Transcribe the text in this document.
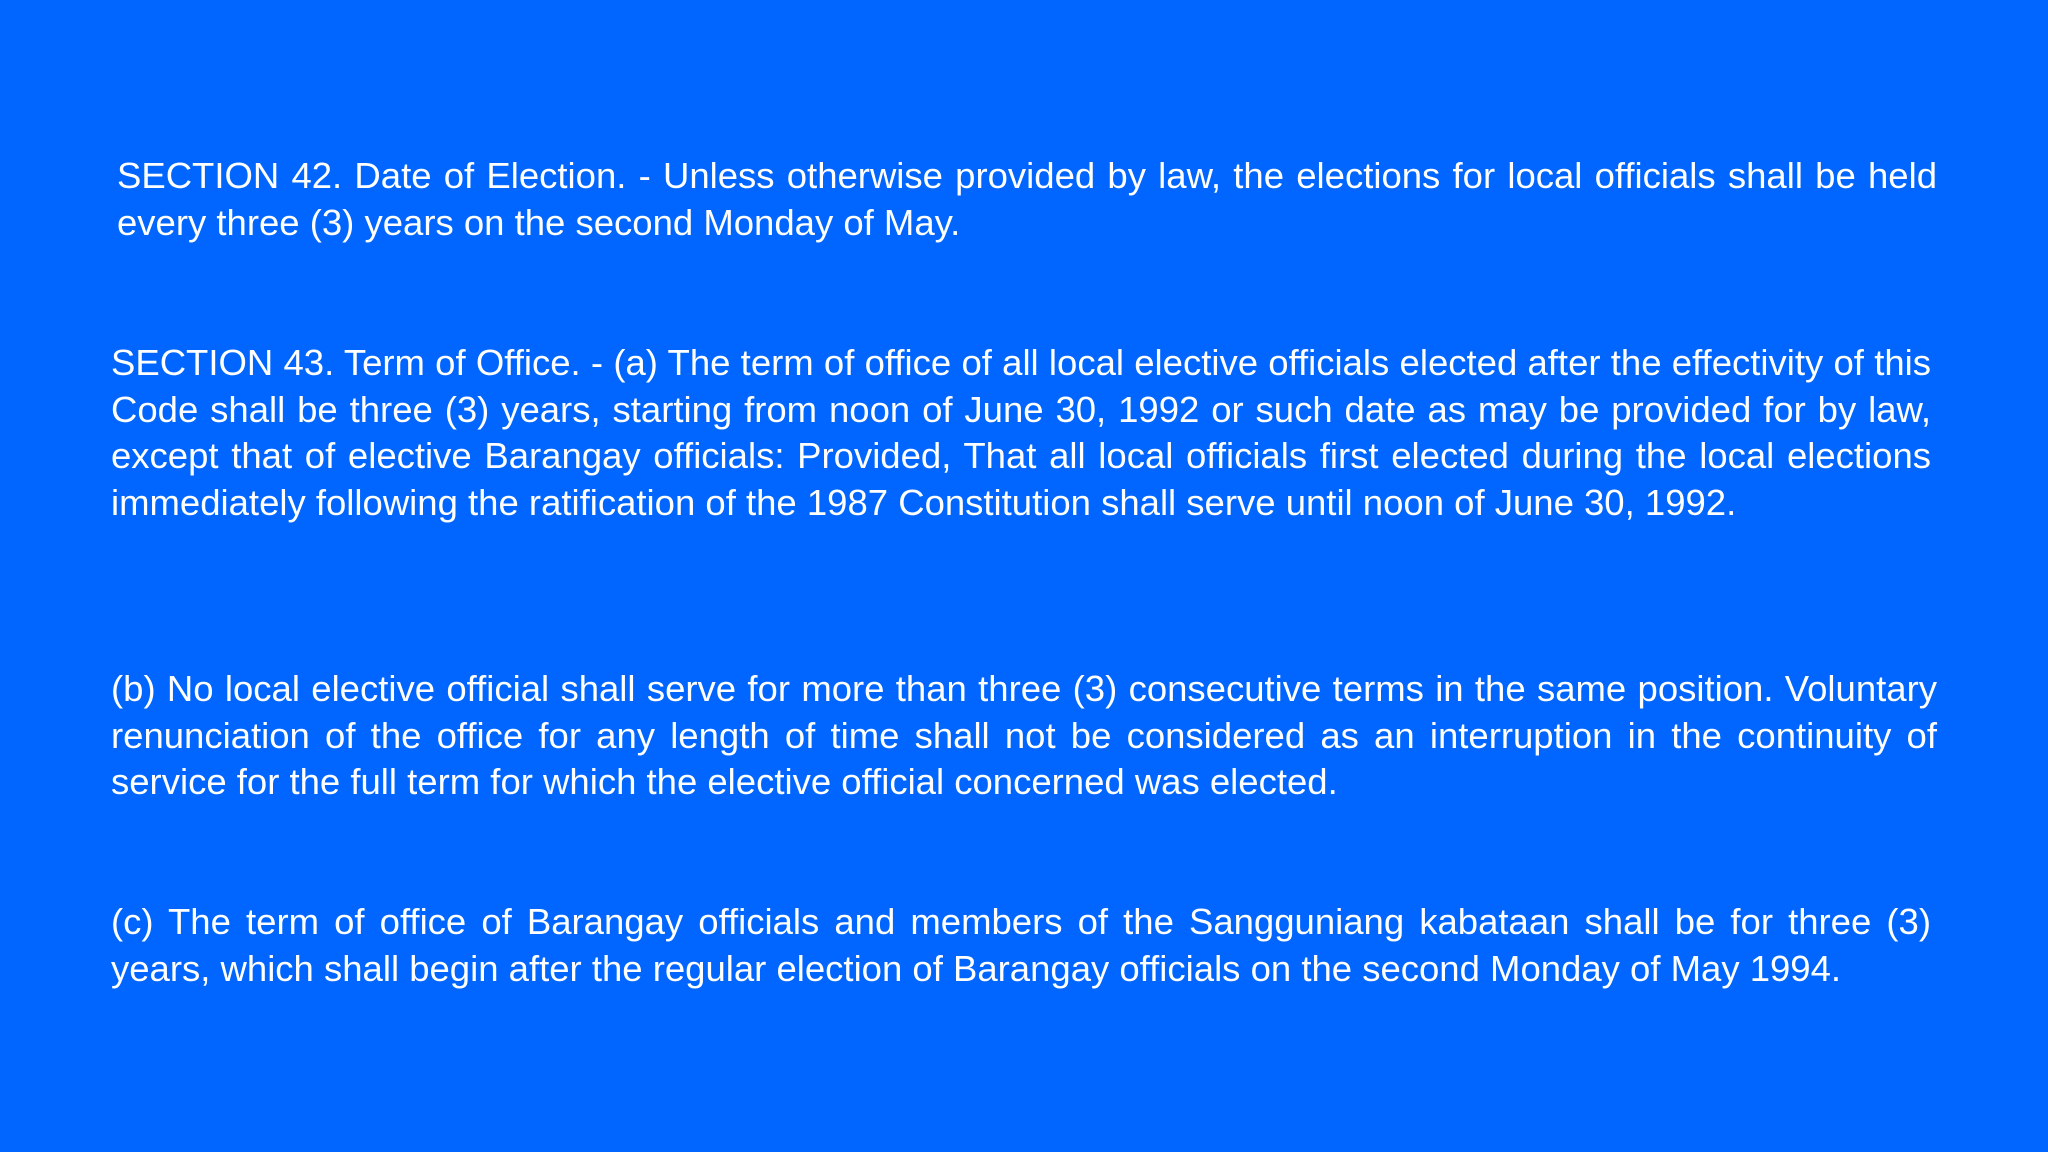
SECTION 42. Date of Election. - Unless otherwise provided by law, the elections for local officials shall be held every three (3) years on the second Monday of May.

SECTION 43. Term of Office. - (a) The term of office of all local elective officials elected after the effectivity of this Code shall be three (3) years, starting from noon of June 30, 1992 or such date as may be provided for by law, except that of elective Barangay officials: Provided, That all local officials first elected during the local elections immediately following the ratification of the 1987 Constitution shall serve until noon of June 30, 1992.

(b) No local elective official shall serve for more than three (3) consecutive terms in the same position. Voluntary renunciation of the office for any length of time shall not be considered as an interruption in the continuity of service for the full term for which the elective official concerned was elected.

(c) The term of office of Barangay officials and members of the Sangguniang kabataan shall be for three (3) years, which shall begin after the regular election of Barangay officials on the second Monday of May 1994.
